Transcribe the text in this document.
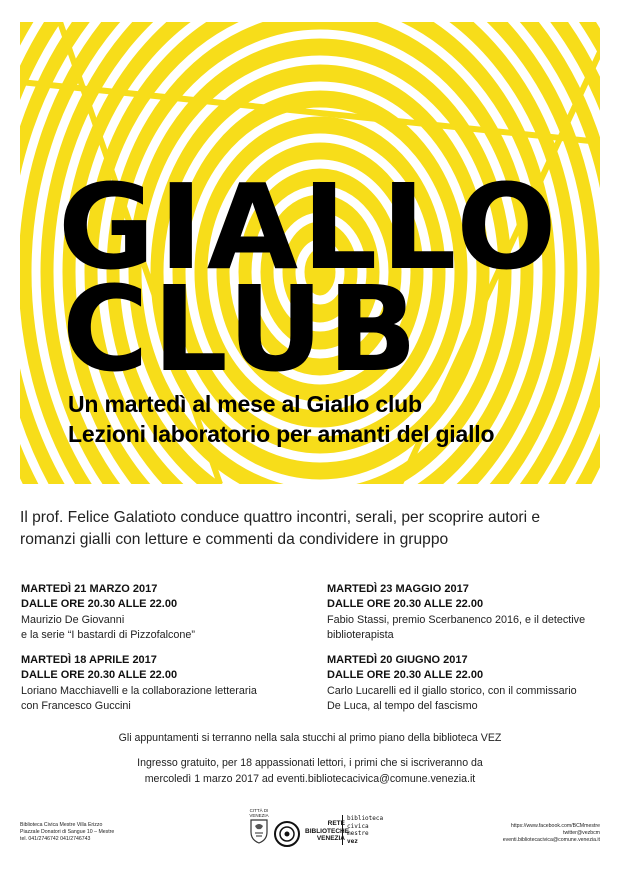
GIALLO
CLUB
Un martedì al mese al Giallo club
Lezioni laboratorio per amanti del giallo
Il prof. Felice Galatioto conduce quattro incontri, serali, per scoprire autori e
romanzi gialli con letture e commenti da condividere in gruppo
MARTEDÌ 21 MARZO 2017
DALLE ORE 20.30 ALLE 22.00
Maurizio De Giovanni
e la serie “I bastardi di Pizzofalcone”
MARTEDÌ 23 MAGGIO 2017
DALLE ORE 20.30 ALLE 22.00
Fabio Stassi, premio Scerbanenco 2016, e il detective
biblioterapista
MARTEDÌ 18 APRILE 2017
DALLE ORE 20.30 ALLE 22.00
Loriano Macchiavelli e la collaborazione letteraria
con Francesco Guccini
MARTEDÌ 20 GIUGNO 2017
DALLE ORE 20.30 ALLE 22.00
Carlo Lucarelli ed il giallo storico, con il commissario
De Luca, al tempo del fascismo
Gli appuntamenti si terranno nella sala stucchi al primo piano della biblioteca VEZ
Ingresso gratuito, per 18 appassionati lettori, i primi che si iscriveranno da
mercoledì 1 marzo 2017 ad eventi.bibliotecacivica@comune.venezia.it
Biblioteca Civica Mestre Villa Erizzo
Piazzale Donatori di Sangue 10 – Mestre
tel. 041/2746742 041/2746743
CITTÀ DI
VENEZIA
RETE
BIBLIOTECHE
VENEZIA
biblioteca
civica
mestre
vez
https://www.facebook.com/BCMmestre
twitter@vezbcm
eventi.bibliotecacivica@comune.venezia.it
